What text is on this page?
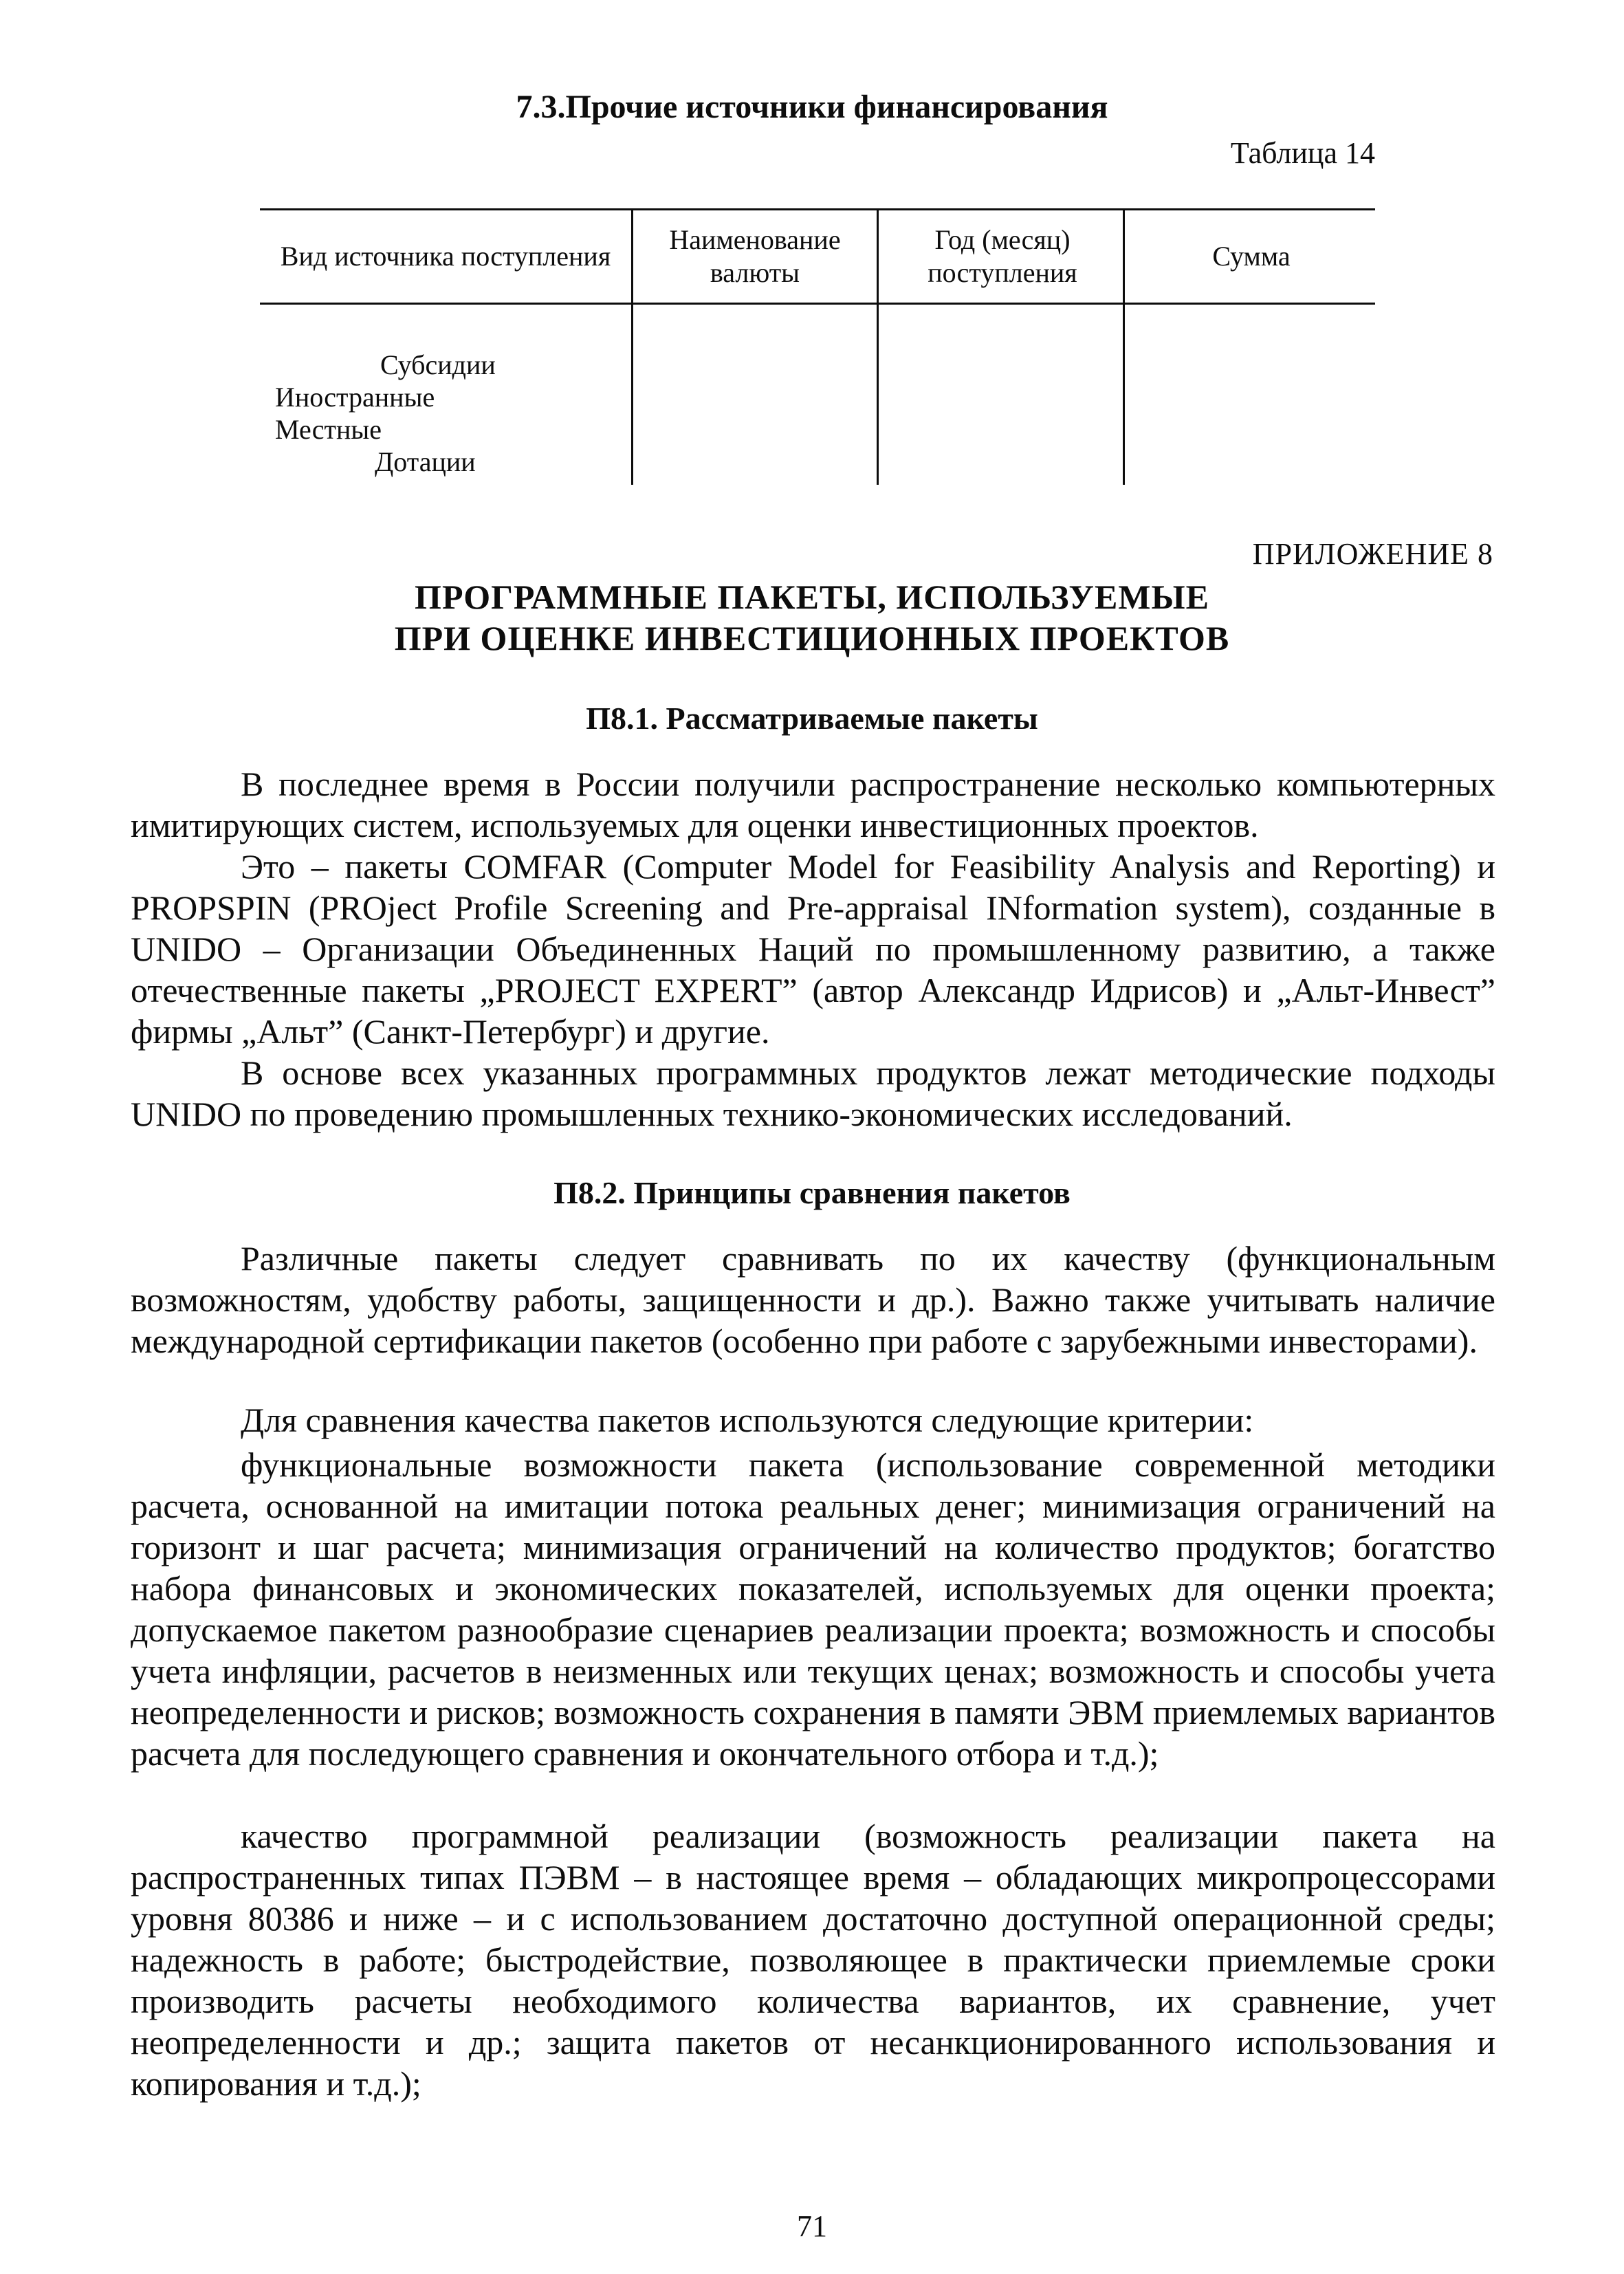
7.3.Прочие источники финансирования
Таблица 14
Вид источника поступления
Наименование валюты
Год (месяц) поступления
Сумма
Субсидии
Иностранные
Местные
Дотации
ПРИЛОЖЕНИЕ 8
ПРОГРАММНЫЕ ПАКЕТЫ, ИСПОЛЬЗУЕМЫЕ
ПРИ ОЦЕНКЕ ИНВЕСТИЦИОННЫХ ПРОЕКТОВ
П8.1. Рассматриваемые пакеты
В последнее время в России получили распространение несколько компьютерных имитирующих систем, используемых для оценки инвестиционных проектов.
Это – пакеты COMFAR (Computer Model for Feasibility Analysis and Reporting) и PROPSPIN (PROject Profile Screening and Pre-appraisal INformation system), созданные в UNIDO – Организации Объединенных Наций по промышленному развитию, а также отечественные пакеты „PROJECT EXPERT” (автор Александр Идрисов) и „Альт-Инвест” фирмы „Альт” (Санкт-Петербург) и другие.
В основе всех указанных программных продуктов лежат методические подходы UNIDO по проведению промышленных технико-экономических исследований.
П8.2. Принципы сравнения пакетов
Различные пакеты следует сравнивать по их качеству (функциональным возможностям, удобству работы, защищенности и др.). Важно также учитывать наличие международной сертификации пакетов (особенно при работе с зарубежными инвесторами).
Для сравнения качества пакетов используются следующие критерии:
функциональные возможности пакета (использование современной методики расчета, основанной на имитации потока реальных денег; минимизация ограничений на горизонт и шаг расчета; минимизация ограничений на количество продуктов; богатство набора финансовых и экономических показателей, используемых для оценки проекта; допускаемое пакетом разнообразие сценариев реализации проекта; возможность и способы учета инфляции, расчетов в неизменных или текущих ценах; возможность и способы учета неопределенности и рисков; возможность сохранения в памяти ЭВМ приемлемых вариантов расчета для последующего сравнения и окончательного отбора и т.д.);
качество программной реализации (возможность реализации пакета на распространенных типах ПЭВМ – в настоящее время – обладающих микропроцессорами уровня 80386 и ниже – и с использованием достаточно доступной операционной среды; надежность в работе; быстродействие, позволяющее в практически приемлемые сроки производить расчеты необходимого количества вариантов, их сравнение, учет неопределенности и др.; защита пакетов от несанкционированного использования и копирования и т.д.);
71
